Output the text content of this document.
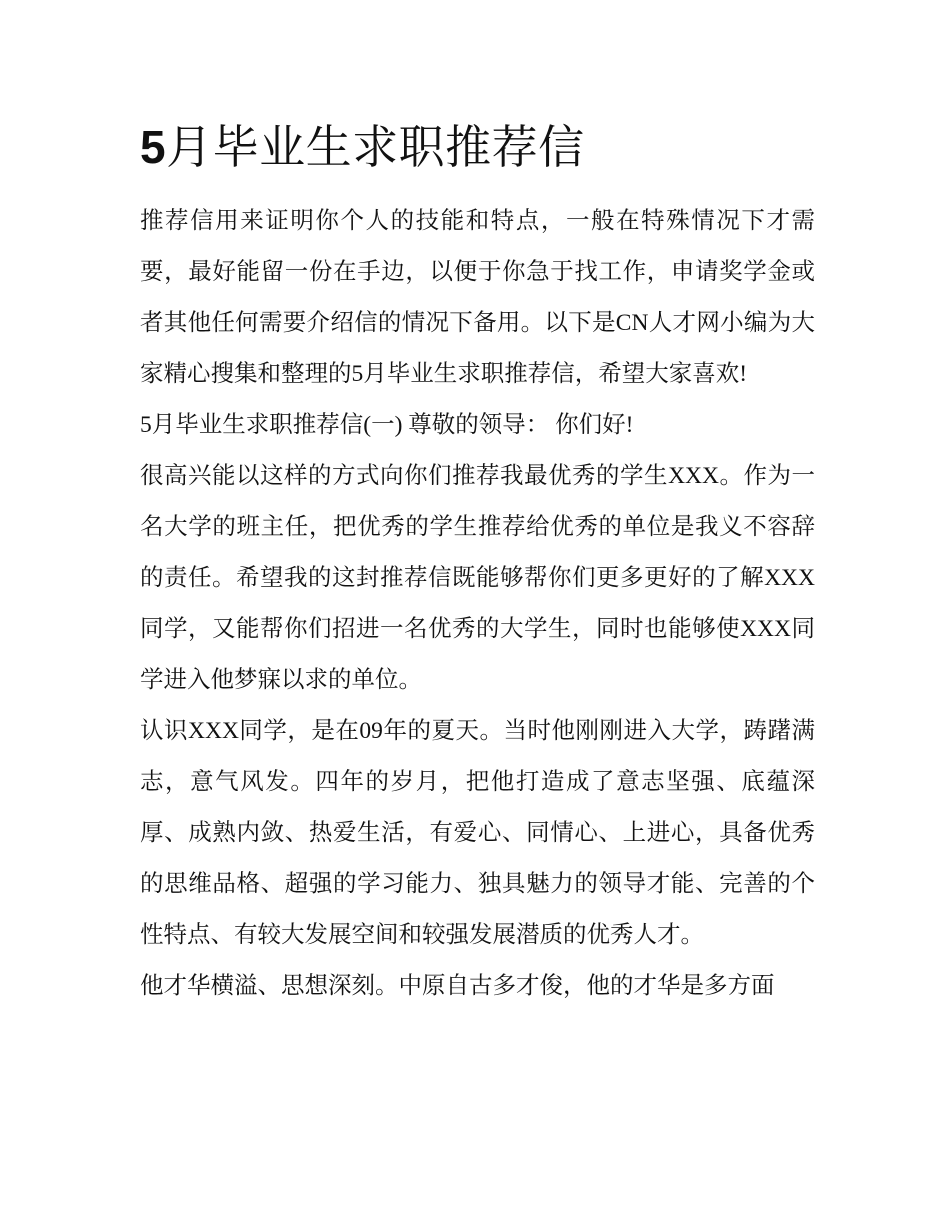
5月毕业生求职推荐信

推荐信用来证明你个人的技能和特点，一般在特殊情况下才需要，最好能留一份在手边，以便于你急于找工作，申请奖学金或者其他任何需要介绍信的情况下备用。以下是CN人才网小编为大家精心搜集和整理的5月毕业生求职推荐信，希望大家喜欢!

5月毕业生求职推荐信(一) 尊敬的领导： 你们好!

很高兴能以这样的方式向你们推荐我最优秀的学生XXX。作为一名大学的班主任，把优秀的学生推荐给优秀的单位是我义不容辞的责任。希望我的这封推荐信既能够帮你们更多更好的了解XXX同学，又能帮你们招进一名优秀的大学生，同时也能够使XXX同学进入他梦寐以求的单位。

认识XXX同学，是在09年的夏天。当时他刚刚进入大学，踌躇满志，意气风发。四年的岁月，把他打造成了意志坚强、底蕴深厚、成熟内敛、热爱生活，有爱心、同情心、上进心，具备优秀的思维品格、超强的学习能力、独具魅力的领导才能、完善的个性特点、有较大发展空间和较强发展潜质的优秀人才。

他才华横溢、思想深刻。中原自古多才俊，他的才华是多方面
